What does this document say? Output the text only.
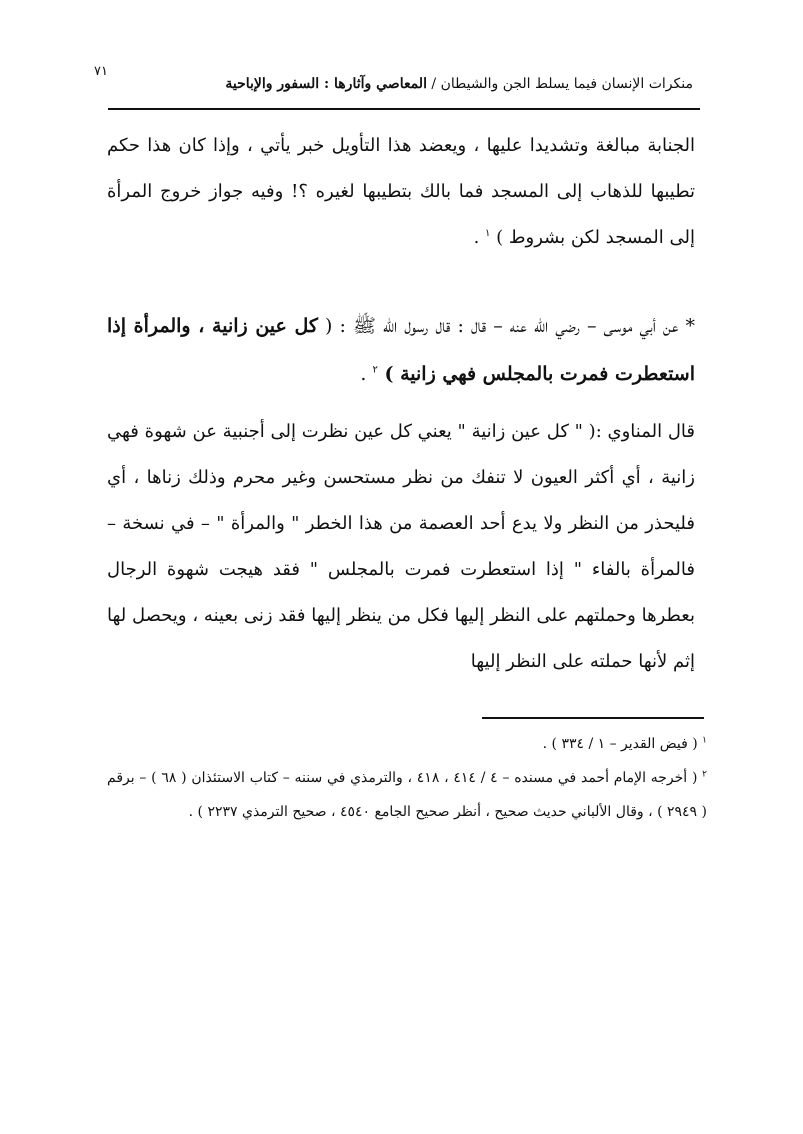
٧١
منكرات الإنسان فيما يسلط الجن والشيطان / المعاصي وآثارها : السفور والإباحية
الجنابة مبالغة وتشديدا عليها ، ويعضد هذا التأويل خبر يأتي ، وإذا كان هذا حكم تطيبها للذهاب إلى المسجد فما بالك بتطيبها لغيره ؟! وفيه جواز خروج المرأة إلى المسجد لكن بشروط ) $^١$ .
* عن أبي موسى – رضي الله عنه – قال : قال رسول الله ﷺ : ( كل عين زانية ، والمرأة إذا استعطرت فمرت بالمجلس فهي زانية ) $^٢$ .
قال المناوي :( " كل عين زانية " يعني كل عين نظرت إلى أجنبية عن شهوة فهي زانية ، أي أكثر العيون لا تنفك من نظر مستحسن وغير محرم وذلك زناها ، أي فليحذر من النظر ولا يدع أحد العصمة من هذا الخطر " والمرأة " – في نسخة – فالمرأة بالفاء " إذا استعطرت فمرت بالمجلس " فقد هيجت شهوة الرجال بعطرها وحملتهم على النظر إليها فكل من ينظر إليها فقد زنى بعينه ، ويحصل لها إثم لأنها حملته على النظر إليها

$^١$ ( فيض القدير – ١ / ٣٣٤ ) .

$^٢$ ( أخرجه الإمام أحمد في مسنده – ٤ / ٤١٤ ، ٤١٨ ، والترمذي في سننه – كتاب الاستئذان ( ٦٨ ) – برقم ( ٢٩٤٩ ) ، وقال الألباني حديث صحيح ، أنظر صحيح الجامع ٤٥٤٠ ، صحيح الترمذي ٢٢٣٧ ) .
